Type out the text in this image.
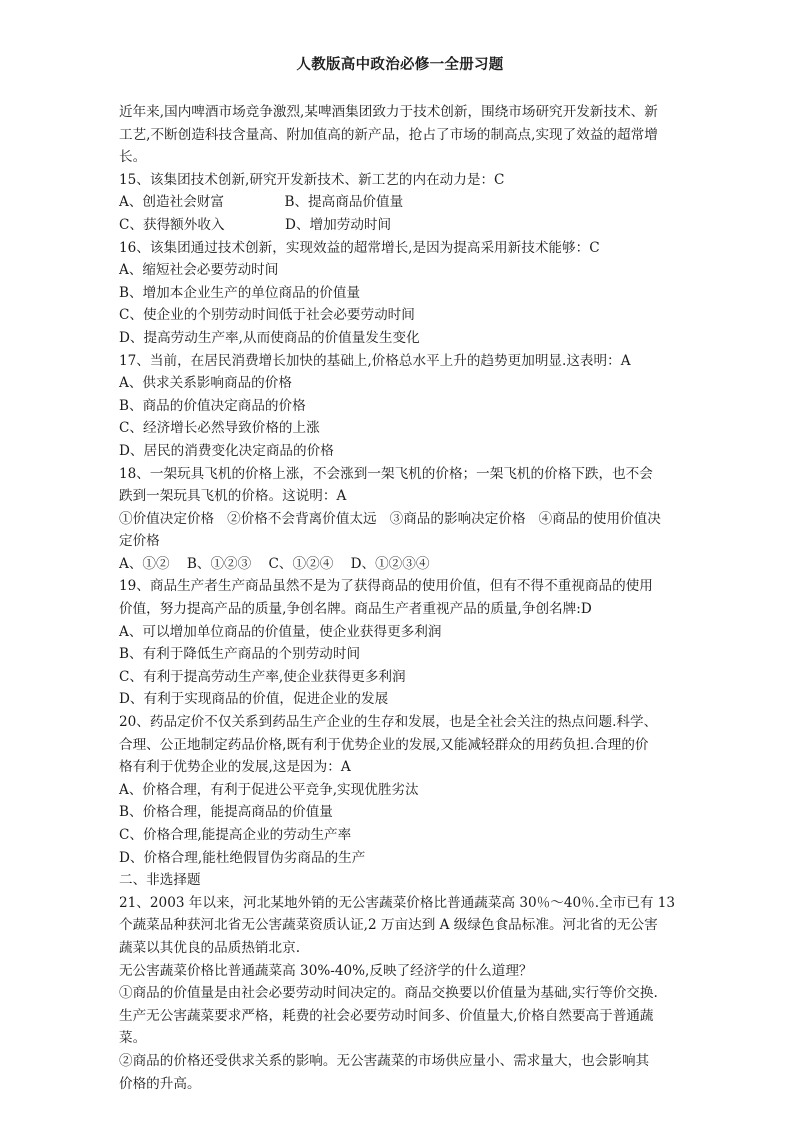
人教版高中政治必修一全册习题
近年来,国内啤酒市场竞争激烈,某啤酒集团致力于技术创新，围绕市场研究开发新技术、新
工艺,不断创造科技含量高、附加值高的新产品，抢占了市场的制高点,实现了效益的超常增
长。
15、该集团技术创新,研究开发新技术、新工艺的内在动力是：C
A、创造社会财富              B、提高商品价值量
C、获得额外收入              D、增加劳动时间
16、该集团通过技术创新，实现效益的超常增长,是因为提高采用新技术能够：C
A、缩短社会必要劳动时间
B、增加本企业生产的单位商品的价值量
C、使企业的个别劳动时间低于社会必要劳动时间
D、提高劳动生产率,从而使商品的价值量发生变化
17、当前，在居民消费增长加快的基础上,价格总水平上升的趋势更加明显.这表明：A
A、供求关系影响商品的价格
B、商品的价值决定商品的价格
C、经济增长必然导致价格的上涨
D、居民的消费变化决定商品的价格
18、一架玩具飞机的价格上涨，不会涨到一架飞机的价格；一架飞机的价格下跌，也不会
跌到一架玩具飞机的价格。这说明：A
①价值决定价格   ②价格不会背离价值太远   ③商品的影响决定价格   ④商品的使用价值决
定价格
A、①②    B、①②③    C、①②④    D、①②③④
19、商品生产者生产商品虽然不是为了获得商品的使用价值，但有不得不重视商品的使用
价值，努力提高产品的质量,争创名牌。商品生产者重视产品的质量,争创名牌:D
A、可以增加单位商品的价值量，使企业获得更多利润
B、有利于降低生产商品的个别劳动时间
C、有利于提高劳动生产率,使企业获得更多利润
D、有利于实现商品的价值，促进企业的发展
20、药品定价不仅关系到药品生产企业的生存和发展，也是全社会关注的热点问题.科学、
合理、公正地制定药品价格,既有利于优势企业的发展,又能减轻群众的用药负担.合理的价
格有利于优势企业的发展,这是因为：A
A、价格合理，有利于促进公平竞争,实现优胜劣汰
B、价格合理，能提高商品的价值量
C、价格合理,能提高企业的劳动生产率
D、价格合理,能杜绝假冒伪劣商品的生产
二、非选择题
21、2003 年以来，河北某地外销的无公害蔬菜价格比普通蔬菜高 30％～40％.全市已有 13
个蔬菜品种获河北省无公害蔬菜资质认证,2 万亩达到 A 级绿色食品标准。河北省的无公害
蔬菜以其优良的品质热销北京.
无公害蔬菜价格比普通蔬菜高 30%-40%,反映了经济学的什么道理？
①商品的价值量是由社会必要劳动时间决定的。商品交换要以价值量为基础,实行等价交换.
生产无公害蔬菜要求严格，耗费的社会必要劳动时间多、价值量大,价格自然要高于普通蔬
菜。
②商品的价格还受供求关系的影响。无公害蔬菜的市场供应量小、需求量大，也会影响其
价格的升高。
